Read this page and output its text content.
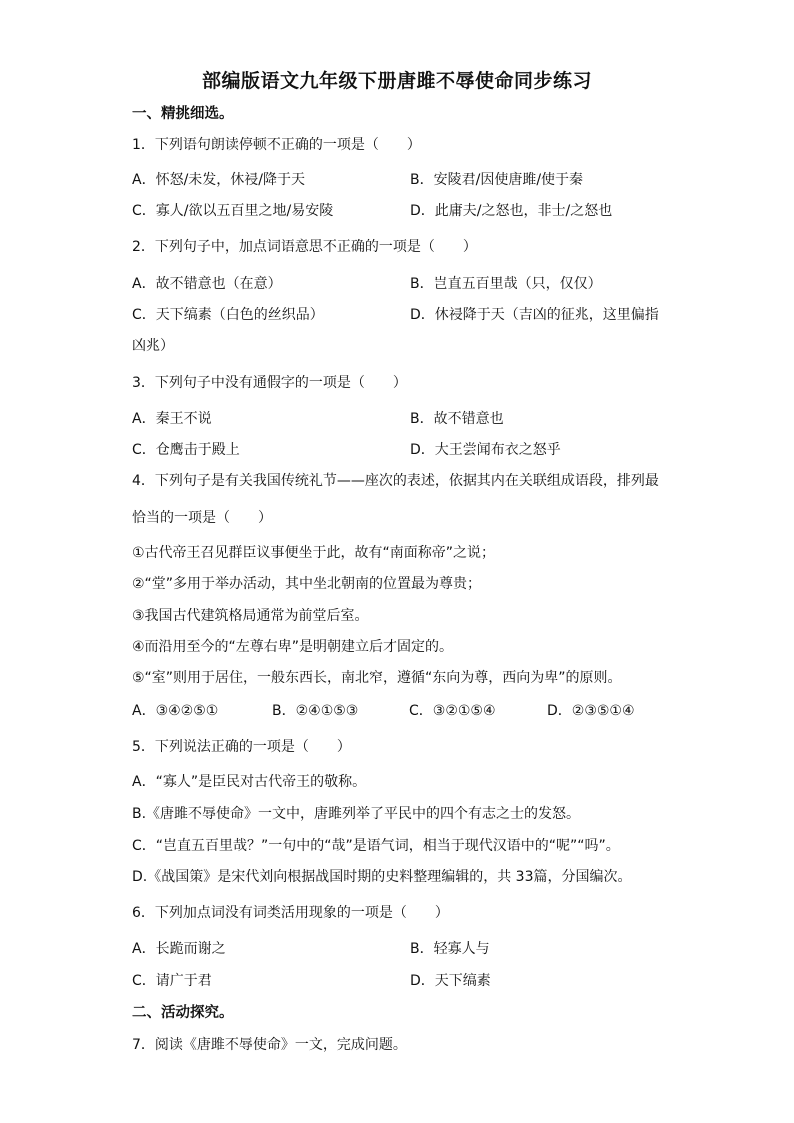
部编版语文九年级下册唐雎不辱使命同步练习
一、精挑细选。
1．下列语句朗读停顿不正确的一项是（　　）
A．怀怒/未发，休祲/降于天	B．安陵君/因使唐雎/使于秦
C．寡人/欲以五百里之地/易安陵	D．此庸夫/之怒也，非士/之怒也
2．下列句子中，加点词语意思不正确的一项是（　　）
A．故不错意也（在意）	B．岂直五百里哉（只，仅仅）
C．天下缟素（白色的丝织品）	D．休祲降于天（吉凶的征兆，这里偏指
凶兆）
3．下列句子中没有通假字的一项是（　　）
A．秦王不说	B．故不错意也
C．仓鹰击于殿上	D．大王尝闻布衣之怒乎
4．下列句子是有关我国传统礼节——座次的表述，依据其内在关联组成语段，排列最
恰当的一项是（　　）
①古代帝王召见群臣议事便坐于此，故有“南面称帝”之说；
②“堂”多用于举办活动，其中坐北朝南的位置最为尊贵；
③我国古代建筑格局通常为前堂后室。
④而沿用至今的“左尊右卑”是明朝建立后才固定的。
⑤“室”则用于居住，一般东西长，南北窄，遵循“东向为尊，西向为卑”的原则。
A．③④②⑤①	B．②④①⑤③	C．③②①⑤④	D．②③⑤①④
5．下列说法正确的一项是（　　）
A．“寡人”是臣民对古代帝王的敬称。
B.《唐雎不辱使命》一文中，唐雎列举了平民中的四个有志之士的发怒。
C．“岂直五百里哉？”一句中的“哉”是语气词，相当于现代汉语中的“呢”“吗”。
D.《战国策》是宋代刘向根据战国时期的史料整理编辑的，共 33篇，分国编次。
6．下列加点词没有词类活用现象的一项是（　　）
A．长跪而谢之	B．轻寡人与
C．请广于君	D．天下缟素
二、活动探究。
7．阅读《唐雎不辱使命》一文，完成问题。
